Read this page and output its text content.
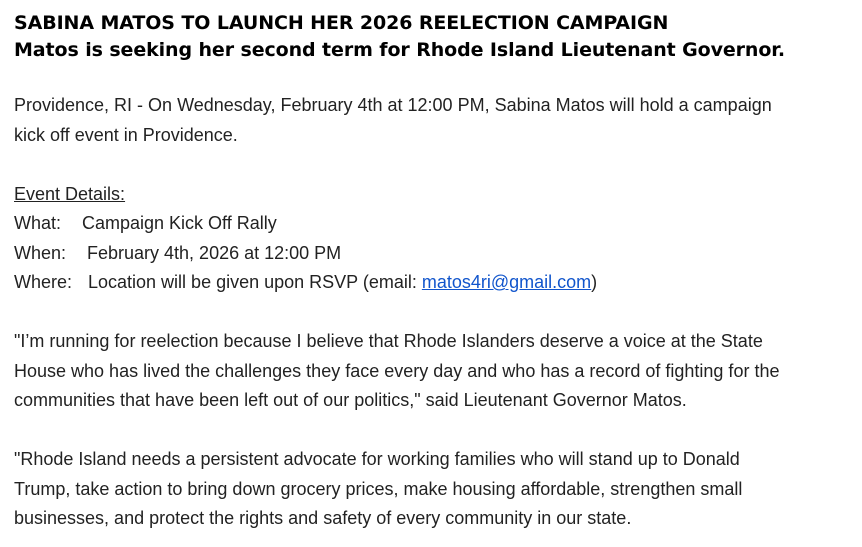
SABINA MATOS TO LAUNCH HER 2026 REELECTION CAMPAIGN

Matos is seeking her second term for Rhode Island Lieutenant Governor.

Providence, RI - On Wednesday, February 4th at 12:00 PM, Sabina Matos will hold a campaign

kick off event in Providence.

Event Details:

What: Campaign Kick Off Rally

When: February 4th, 2026 at 12:00 PM

Where: Location will be given upon RSVP (email: matos4ri@gmail.com)

"I’m running for reelection because I believe that Rhode Islanders deserve a voice at the State

House who has lived the challenges they face every day and who has a record of fighting for the

communities that have been left out of our politics," said Lieutenant Governor Matos.

"Rhode Island needs a persistent advocate for working families who will stand up to Donald

Trump, take action to bring down grocery prices, make housing affordable, strengthen small

businesses, and protect the rights and safety of every community in our state.
